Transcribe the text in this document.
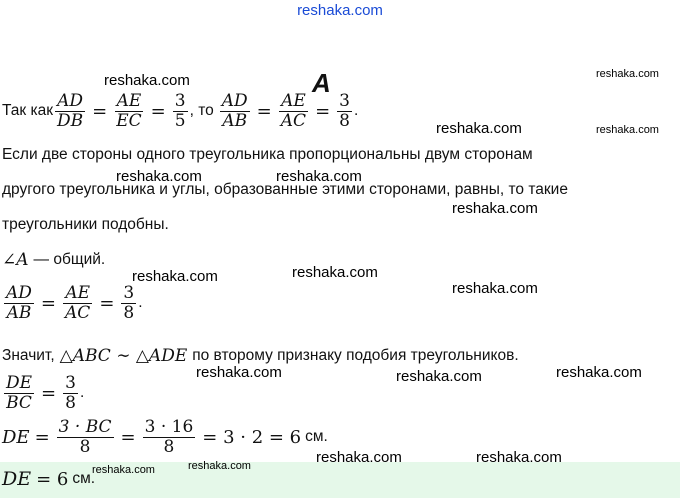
reshaka.com
reshaka.com	reshaka.com
reshaka.com	reshaka.com
reshaka.com	reshaka.com
reshaka.com
reshaka.com	reshaka.com
reshaka.com
reshaka.com	reshaka.com	reshaka.com
A
Так как $\frac{AD}{DB} = \frac{AE}{EC} = \frac{3}{5}$ , то $\frac{AD}{AB} = \frac{AE}{AC} = \frac{3}{8}$ .
Если две стороны одного треугольника пропорциональны двум сторонам
другого треугольника и углы, образованные этими сторонами, равны, то такие
треугольники подобны.
∠A — общий.
$\frac{AD}{AB} = \frac{AE}{AC} = \frac{3}{8}$ .
Значит, △ABC ∼ △ADE по второму признаку подобия треугольников.
$\frac{DE}{BC} = \frac{3}{8}$ .
DE = $\frac{3 \cdot BC}{8} = \frac{3 \cdot 16}{8} = 3 \cdot 2 = 6$ см.
DE = 6 см.
reshaka.com	reshaka.com
reshaka.com	reshaka.com
